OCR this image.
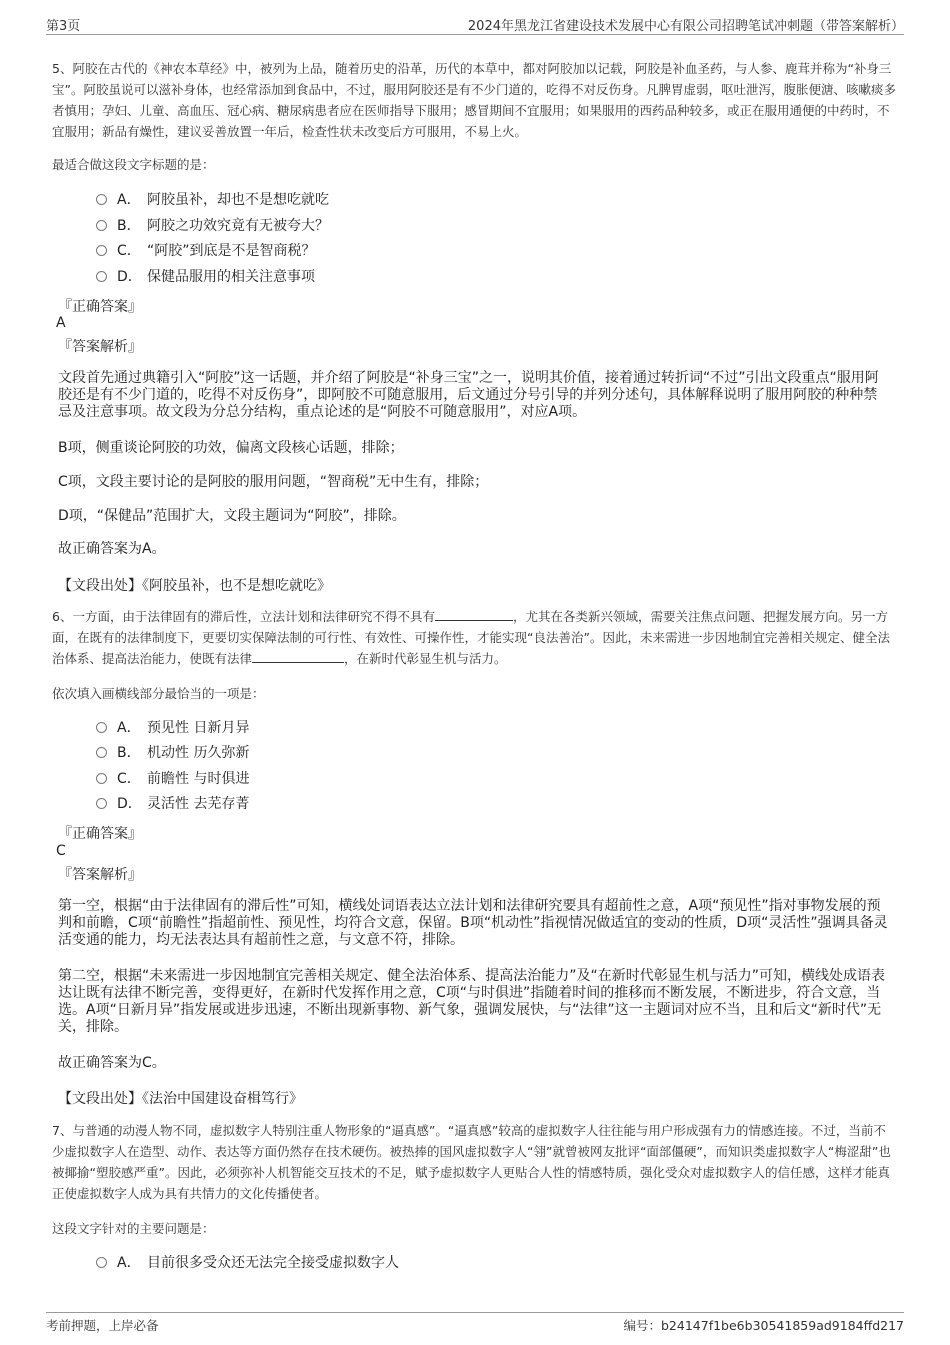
第3页	2024年黑龙江省建设技术发展中心有限公司招聘笔试冲刺题（带答案解析）
5、阿胶在古代的《神农本草经》中，被列为上品，随着历史的沿革，历代的本草中，都对阿胶加以记载，阿胶是补血圣药，与人参、鹿茸并称为“补身三宝”。阿胶虽说可以滋补身体，也经常添加到食品中，不过，服用阿胶还是有不少门道的，吃得不对反伤身。凡脾胃虚弱，呕吐泄泻，腹胀便溏、咳嗽痰多者慎用；孕妇、儿童、高血压、冠心病、糖尿病患者应在医师指导下服用；感冒期间不宜服用；如果服用的西药品种较多，或正在服用通便的中药时，不宜服用；新品有燥性，建议妥善放置一年后，检查性状未改变后方可服用，不易上火。
最适合做这段文字标题的是：
A． 阿胶虽补，却也不是想吃就吃
B． 阿胶之功效究竟有无被夸大？
C． “阿胶”到底是不是智商税？
D． 保健品服用的相关注意事项
『正确答案』
A
『答案解析』
文段首先通过典籍引入“阿胶”这一话题，并介绍了阿胶是“补身三宝”之一，说明其价值，接着通过转折词“不过”引出文段重点“服用阿胶还是有不少门道的，吃得不对反伤身”，即阿胶不可随意服用，后文通过分号引导的并列分述句，具体解释说明了服用阿胶的种种禁忌及注意事项。故文段为分总分结构，重点论述的是“阿胶不可随意服用”，对应A项。
B项，侧重谈论阿胶的功效，偏离文段核心话题，排除；
C项，文段主要讨论的是阿胶的服用问题，“智商税”无中生有，排除；
D项，“保健品”范围扩大，文段主题词为“阿胶”，排除。
故正确答案为A。
【文段出处】《阿胶虽补，也不是想吃就吃》
6、一方面，由于法律固有的滞后性，立法计划和法律研究不得不具有	，尤其在各类新兴领域，需要关注焦点问题、把握发展方向。另一方面，在既有的法律制度下，更要切实保障法制的可行性、有效性、可操作性，才能实现“良法善治”。因此，未来需进一步因地制宜完善相关规定、健全法治体系、提高法治能力，使既有法律	，在新时代彰显生机与活力。
依次填入画横线部分最恰当的一项是：
A． 预见性 日新月异
B． 机动性 历久弥新
C． 前瞻性 与时俱进
D． 灵活性 去芜存菁
『正确答案』
C
『答案解析』
第一空，根据“由于法律固有的滞后性”可知，横线处词语表达立法计划和法律研究要具有超前性之意，A项“预见性”指对事物发展的预判和前瞻，C项“前瞻性”指超前性、预见性，均符合文意，保留。B项“机动性”指视情况做适宜的变动的性质，D项“灵活性”强调具备灵活变通的能力，均无法表达具有超前性之意，与文意不符，排除。
第二空，根据“未来需进一步因地制宜完善相关规定、健全法治体系、提高法治能力”及“在新时代彰显生机与活力”可知，横线处成语表达让既有法律不断完善，变得更好，在新时代发挥作用之意，C项“与时俱进”指随着时间的推移而不断发展，不断进步，符合文意，当选。A项“日新月异”指发展或进步迅速，不断出现新事物、新气象，强调发展快，与“法律”这一主题词对应不当，且和后文“新时代”无关，排除。
故正确答案为C。
【文段出处】《法治中国建设奋楫笃行》
7、与普通的动漫人物不同，虚拟数字人特别注重人物形象的“逼真感”。“逼真感”较高的虚拟数字人往往能与用户形成强有力的情感连接。不过，当前不少虚拟数字人在造型、动作、表达等方面仍然存在技术硬伤。被热捧的国风虚拟数字人“翎”就曾被网友批评“面部僵硬”，而知识类虚拟数字人“梅涩甜”也被揶揄“塑胶感严重”。因此，必须弥补人机智能交互技术的不足，赋予虚拟数字人更贴合人性的情感特质，强化受众对虚拟数字人的信任感，这样才能真正使虚拟数字人成为具有共情力的文化传播使者。
这段文字针对的主要问题是：
A． 目前很多受众还无法完全接受虚拟数字人
考前押题，上岸必备	编号：b24147f1be6b30541859ad9184ffd217
